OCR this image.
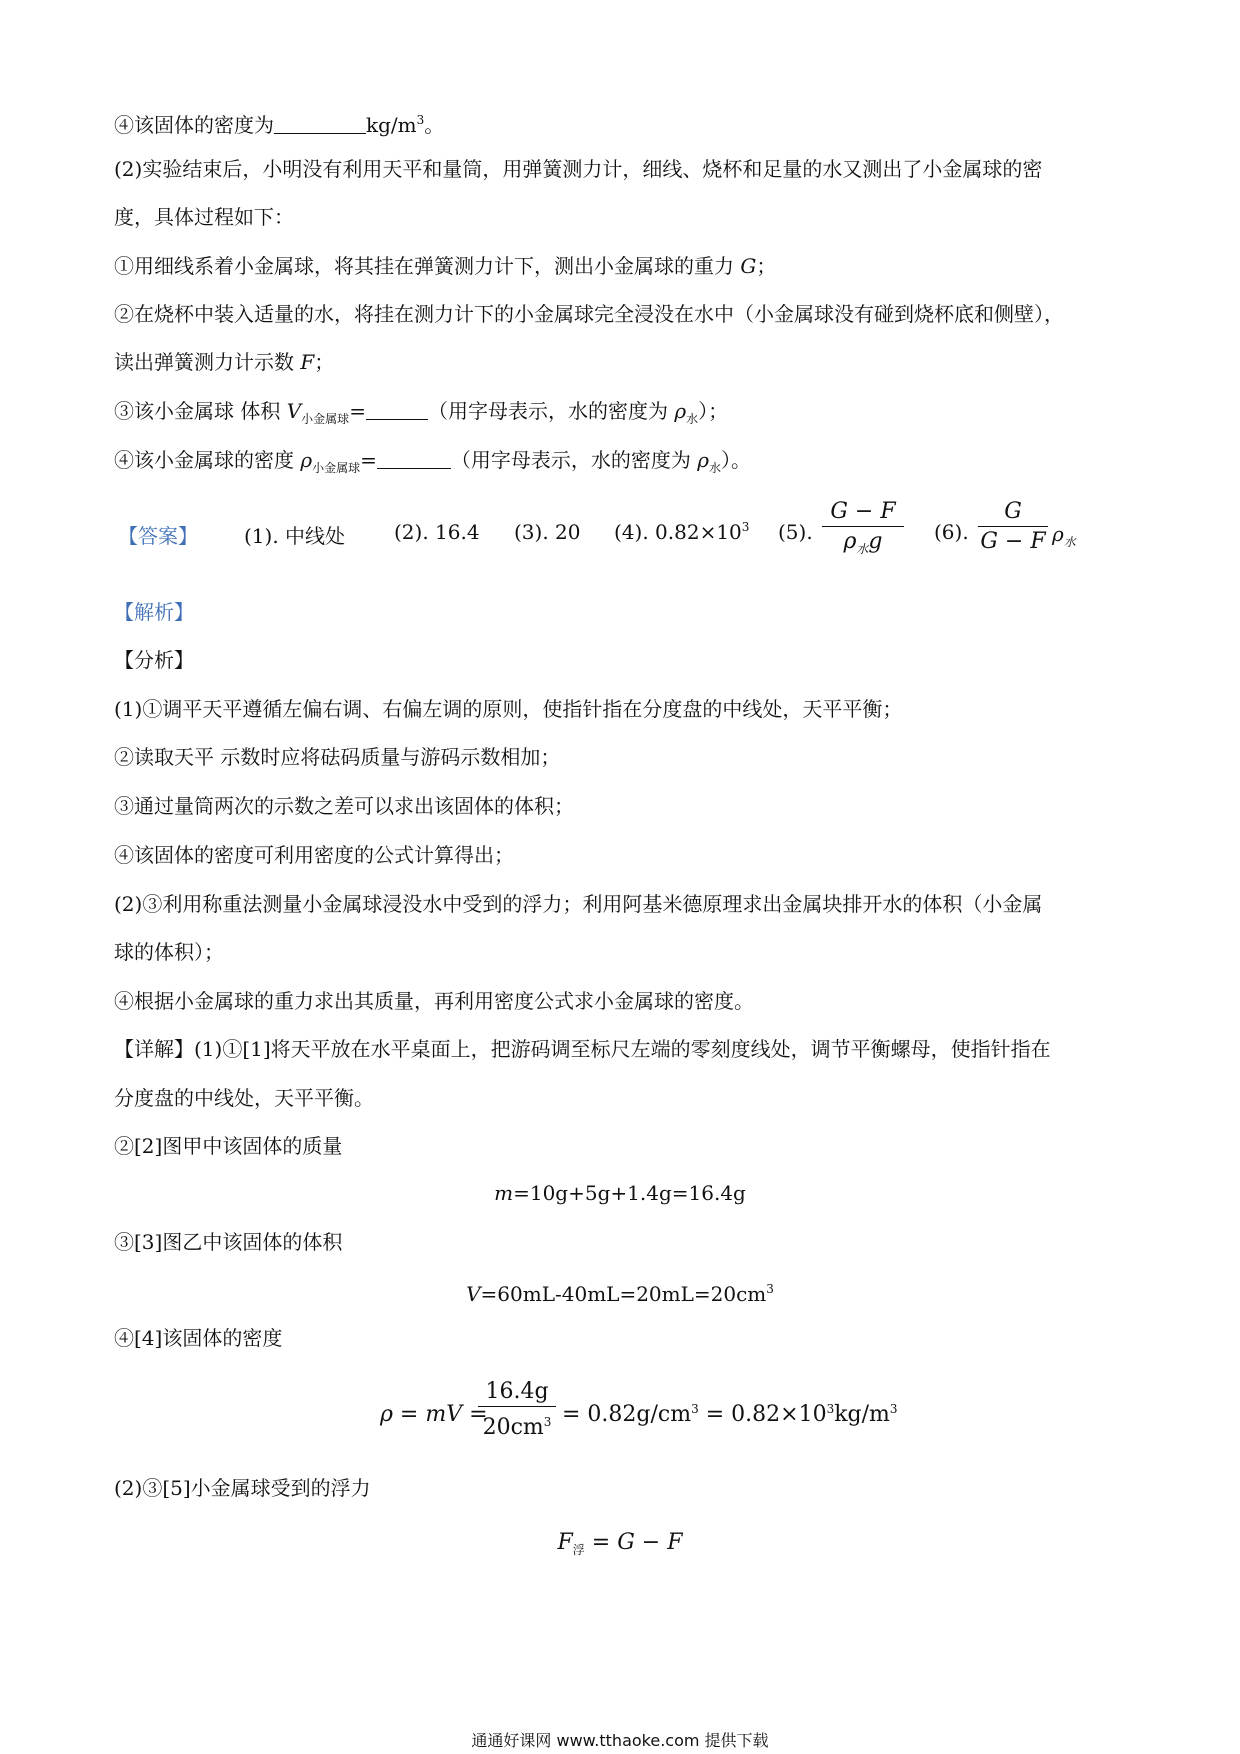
④该固体的密度为	$kg/m^3$。
(2)实验结束后，小明没有利用天平和量筒，用弹簧测力计，细线、烧杯和足量的水又测出了小金属球的密
度，具体过程如下：
①用细线系着小金属球，将其挂在弹簧测力计下，测出小金属球的重力 G；
②在烧杯中装入适量的水，将挂在测力计下的小金属球完全浸没在水中（小金属球没有碰到烧杯底和侧壁），
读出弹簧测力计示数 F；
③该小金属球 体积 $V_{小金属球}=$	（用字母表示，水的密度为 $\rho_水$）；
④该小金属球的密度 $\rho_{小金属球}=$	（用字母表示，水的密度为 $\rho_水$）。
【答案】 (1). 中线处 (2). 16.4 (3). 20 (4). $0.82\times 10^3$ (5).
G − F
$\rho_水g$	(6).
G
G − F $\rho_水$
【解析】
【分析】
(1)①调平天平遵循左偏右调、右偏左调的原则，使指针指在分度盘的中线处，天平平衡；
②读取天平 示数时应将砝码质量与游码示数相加；
③通过量筒两次的示数之差可以求出该固体的体积；
④该固体的密度可利用密度的公式计算得出；
(2)③利用称重法测量小金属球浸没水中受到的浮力；利用阿基米德原理求出金属块排开水的体积（小金属
球的体积）；
④根据小金属球的重力求出其质量，再利用密度公式求小金属球的密度。
【详解】(1)①[1]将天平放在水平桌面上，把游码调至标尺左端的零刻度线处，调节平衡螺母，使指针指在
分度盘的中线处，天平平衡。
②[2]图甲中该固体的质量
m=10g+5g+1.4g=16.4g
③[3]图乙中该固体的体积
$V=60mL-40mL=20mL=20cm^3$
④[4]该固体的密度
ρ = mV =
16.4g
$20cm^3 = 0.82g/cm^3 = 0.82\times 10^3kg/m^3$
(2)③[5]小金属球受到的浮力
$F_浮 = G - F$
通通好课网 www.tthaoke.com 提供下载
